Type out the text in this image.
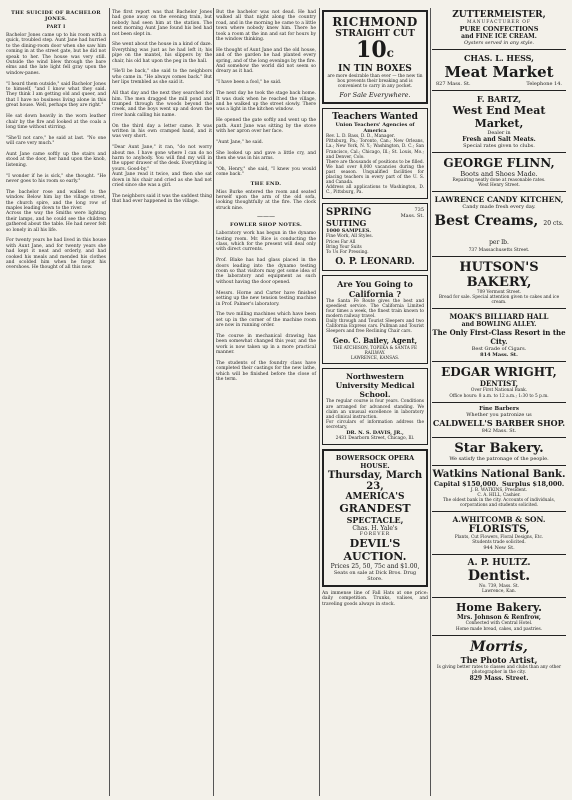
THE SUICIDE OF BACHELOR JONES.
PART I
Bachelor Jones came up to his room with a quick, troubled step. Aunt Jane had hurried to the dining-room door when she saw him coming in at the street gate, but he did not speak to her. The house was very still. Outside the wind blew through the bare elms and the late light fell gray upon the window-panes.

"I heard them outside," said Bachelor Jones to himself, "and I know what they said. They think I am getting old and queer, and that I have no business living alone in this great house. Well, perhaps they are right."

He sat down heavily in the worn leather chair by the fire and looked at the coals a long time without stirring.

"She'll not care," he said at last. "No one will care very much."

Aunt Jane came softly up the stairs and stood at the door, her hand upon the knob, listening.

"I wonder if he is sick," she thought. "He never goes to his room so early."

The bachelor rose and walked to the window. Below him lay the village street, the church spire, and the long row of maples leading down to the river.
Across the way the Smiths were lighting their lamps, and he could see the children gathered about the table. He had never felt so lonely in all his life.

For twenty years he had lived in this house with Aunt Jane, and for twenty years she had kept it neat and orderly, and had cooked his meals and mended his clothes and scolded him when he forgot his overshoes. He thought of all this now.
The first report was that Bachelor Jones had gone away on the evening train, but nobody had seen him at the station. The next morning Aunt Jane found his bed had not been slept in.

She went about the house in a kind of daze. Everything was just as he had left it; his pipe on the mantel, his slippers by the chair, his old hat upon the peg in the hall.

"He'll be back," she said to the neighbors who came in. "He always comes back." But her lips trembled as she said it.

All that day and the next they searched for him. The men dragged the mill pond and tramped through the woods beyond the creek, and the boys went up and down the river bank calling his name.

On the third day a letter came. It was written in his own cramped hand, and it was very short.

"Dear Aunt Jane," it ran, "do not worry about me. I have gone where I can do no harm to anybody. You will find my will in the upper drawer of the desk. Everything is yours. Good-by."
Aunt Jane read it twice, and then she sat down in his chair and cried as she had not cried since she was a girl.

The neighbors said it was the saddest thing that had ever happened in the village.
But the bachelor was not dead. He had walked all that night along the country road, and in the morning he came to a little town where nobody knew him. There he took a room at the inn and sat for hours by the window thinking.

He thought of Aunt Jane and the old house, and of the garden he had planted every spring, and of the long evenings by the fire. And somehow the world did not seem so dreary as it had.

"I have been a fool," he said.

The next day he took the stage back home. It was dusk when he reached the village, and he walked up the street slowly. There was a light in the kitchen window.

He opened the gate softly and went up the path. Aunt Jane was sitting by the stove with her apron over her face.

"Aunt Jane," he said.

She looked up and gave a little cry, and then she was in his arms.

"Oh, Henry," she said, "I knew you would come back."
THE END.
Miss Burke entered the room and seated herself upon the arm of the old sofa, looking thoughtfully at the fire. The clock struck nine.
———
FOWLER SHOP NOTES.
Laboratory work has begun in the dynamo testing room. Mr. Rice is conducting the class, which for the present will deal only with direct currents.

Prof. Blake has had glass placed in the doors leading into the dynamo testing room so that visitors may get some idea of the laboratory and equipment as such without having the door opened.

Messrs. Horne and Carter have finished setting up the new tension testing machine in Prof. Palmer's laboratory.

The two milling machines which have been set up in the corner of the machine room are now in running order.

The course in mechanical drawing has been somewhat changed this year, and the work is now taken up in a more practical manner.

The students of the foundry class have completed their castings for the new lathe, which will be finished before the close of the term.
RICHMOND
STRAIGHT CUT
10c
IN TIN BOXES
are more desirable than ever — the new tin box prevents their breaking and is convenient to carry in any pocket.
For Sale Everywhere.
Teachers Wanted
Union Teachers' Agencies of America
Rev. L. D. Bass, D. D., Manager.
Pittsburg, Pa.; Toronto, Can.; New Orleans, La.; New York, N. Y.; Washington, D. C.; San Francisco, Cal.; Chicago, Ill.; St. Louis, Mo.; and Denver, Colo.
There are thousands of positions to be filled. We had over 8,000 vacancies during the past season. Unqualified facilities for placing teachers in every part of the U. S. and Canada.
Address all applications to Washington, D. C., Pittsburg, Pa.
SPRING
SUITING
1000 SAMPLES.
Fine Work, All Styles.
Prices Far All
Bring Your Suits
To Us For Pressing.
O. P. LEONARD.
735
Mass. St.
Are You Going to California ?
The Santa Fe Route gives the best and speediest service. The California Limited four times a week, the finest train known to modern railway travel.
Daily through and Tourist Sleepers and two California Express cars. Pullman and Tourist Sleepers and free Reclining Chair cars.
Geo. C. Bailey, Agent,
THE ATCHISON, TOPEKA & SANTA FE RAILWAY.
LAWRENCE, KANSAS.
Northwestern University Medical School.
The regular course is four years. Conditions are arranged for advanced standing. We claim an unusual excellence in laboratory and clinical instruction.
For circulars of information address the secretary,
DR. N. S. DAVIS, JR.,
2431 Dearborn Street, Chicago, Ill.
BOWERSOCK OPERA HOUSE.
Thursday, March 23,
AMERICA'S
GRANDEST
SPECTACLE,
Chas. H. Yale's
FOREVER
DEVIL'S AUCTION.
Prices 25, 50, 75c and $1.00,
Seats on sale at Dick Bros. Drug Store.
An immense line of Fall Hats at one price: daily competition. Trunks, valises, and traveling goods always in stock.
ZUTTERMEISTER,
MANUFACTURER OF
PURE CONFECTIONS
and FINE ICE CREAM.
Oysters served in any style.
CHAS. L. HESS,
Meat Market
827 Mass. St.	Telephone 14.
F. BARTZ,
West End Meat Market,
Dealer in
Fresh and Salt Meats.
Special rates given to clubs.
GEORGE FLINN,
Boots and Shoes Made.
Repairing neatly done at reasonable rates.
West Henry Street.
LAWRENCE CANDY KITCHEN,
Candy made fresh every day.
Best Creams, 20 cts. per lb.
737 Massachusetts Street.
HUTSON'S BAKERY,
709 Vermont Street.
Bread for sale. Special attention given to cakes and ice cream.
MOAK'S BILLIARD HALL
and BOWLING ALLEY.
The Only First-Class Resort in the City.
Best Grade of Cigars.
814 Mass. St.
EDGAR WRIGHT,
DENTIST,
Over First National Bank.
Office hours: 8 a.m. to 12 a.m.; 1:30 to 5 p.m.
Fine Barbers
Whether you patronize us
CALDWELL'S BARBER SHOP.
842 Mass. St.
Star Bakery.
We satisfy the patronage of the people.
Watkins National Bank.
Capital $150,000. Surplus $18,000.
J. B. WATKINS, President.
C. A. HILL, Cashier.
The oldest bank in the city. Accounts of individuals, corporations and students solicited.
A.WHITCOMB & SON.
FLORISTS,
Plants, Cut Flowers, Floral Designs, Etc.
Students trade solicited.
944 New St.
A. P. HULTZ.
Dentist.
No. 739, Mass. St.
Lawrence, Kan.
Home Bakery.
Mrs. Johnson & Renfrow,
Connected with Central Hotel.
Home made bread, cakes, and pastries.
Morris,
The Photo Artist,
Is giving better rates to classes and clubs than any other photographer in the city.
829 Mass. Street.
